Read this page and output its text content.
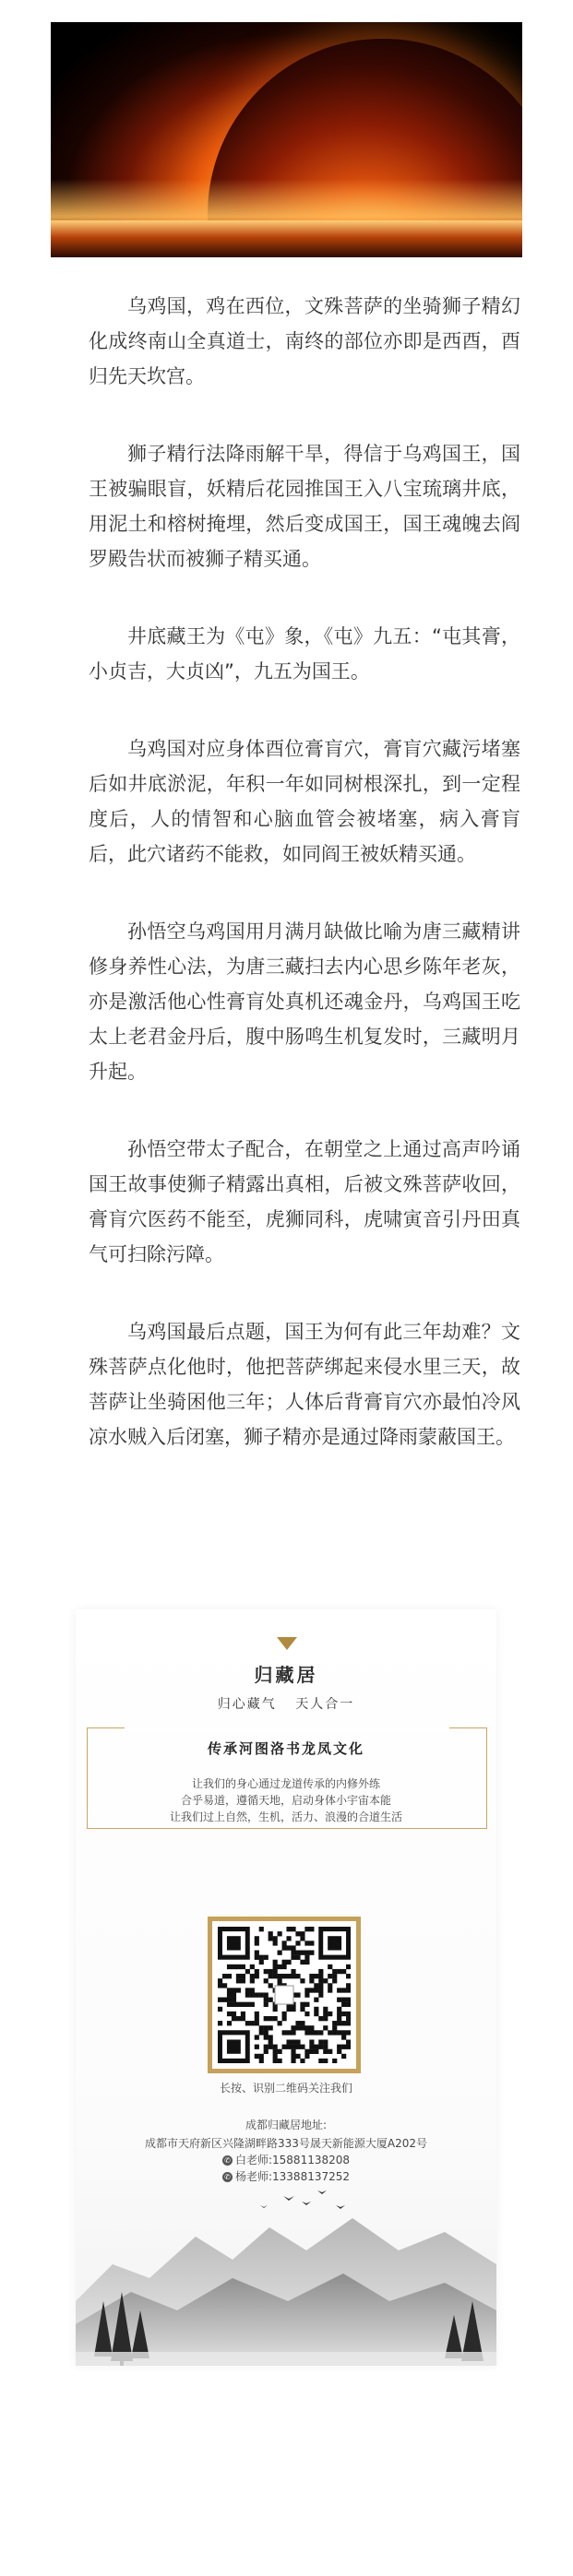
乌鸡国，鸡在西位，文殊菩萨的坐骑狮子精幻化成终南山全真道士，南终的部位亦即是西酉，酉归先天坎宫。

狮子精行法降雨解干旱，得信于乌鸡国王，国王被骗眼盲，妖精后花园推国王入八宝琉璃井底，用泥土和榕树掩埋，然后变成国王，国王魂魄去阎罗殿告状而被狮子精买通。

井底藏王为《屯》象，《屯》九五：“屯其膏，小贞吉，大贞凶”，九五为国王。

乌鸡国对应身体酉位膏肓穴，膏肓穴藏污堵塞后如井底淤泥，年积一年如同树根深扎，到一定程度后，人的情智和心脑血管会被堵塞，病入膏肓后，此穴诸药不能救，如同阎王被妖精买通。

孙悟空乌鸡国用月满月缺做比喻为唐三藏精讲修身养性心法，为唐三藏扫去内心思乡陈年老灰，亦是激活他心性膏肓处真机还魂金丹，乌鸡国王吃太上老君金丹后，腹中肠鸣生机复发时，三藏明月升起。

孙悟空带太子配合，在朝堂之上通过高声吟诵国王故事使狮子精露出真相，后被文殊菩萨收回，膏肓穴医药不能至，虎狮同科，虎啸寅音引丹田真气可扫除污障。

乌鸡国最后点题，国王为何有此三年劫难？文殊菩萨点化他时，他把菩萨绑起来侵水里三天，故菩萨让坐骑困他三年；人体后背膏肓穴亦最怕冷风凉水贼入后闭塞，狮子精亦是通过降雨蒙蔽国王。

归藏居
归心藏气 天人合一
传承河图洛书龙凤文化
让我们的身心通过龙道传承的内修外练
合乎易道，遵循天地，启动身体小宇宙本能
让我们过上自然，生机，活力、浪漫的合道生活
长按、识别二维码关注我们
成都归藏居地址:
成都市天府新区兴隆湖畔路333号晟天新能源大厦A202号
✆ 白老师:15881138208
✆ 杨老师:13388137252
